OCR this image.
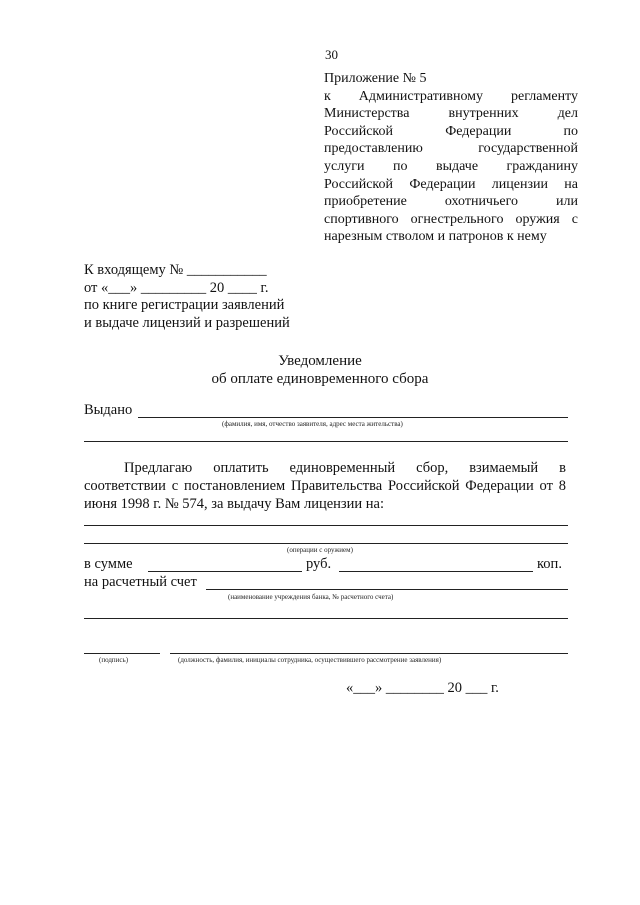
30
Приложение № 5
к Административному регламенту
Министерства внутренних дел
Российской Федерации по
предоставлению государственной
услуги по выдаче гражданину
Российской Федерации лицензии на
приобретение охотничьего или
спортивного огнестрельного оружия с
нарезным стволом и патронов к нему
К входящему № ___________
от «___» _________ 20 ____ г.
по книге регистрации заявлений
и выдаче лицензий и разрешений
Уведомление
об оплате единовременного сбора
Выдано
(фамилия, имя, отчество заявителя, адрес места жительства)
Предлагаю оплатить единовременный сбор, взимаемый в
соответствии с постановлением Правительства Российской Федерации от 8 июня 1998 г. № 574, за выдачу Вам лицензии на:
(операции с оружием)
в сумме	руб.	коп.
на расчетный счет
(наименование учреждения банка, № расчетного счета)
(подпись)	(должность, фамилия, инициалы сотрудника, осуществившего рассмотрение заявления)
«___» ________ 20 ___ г.
